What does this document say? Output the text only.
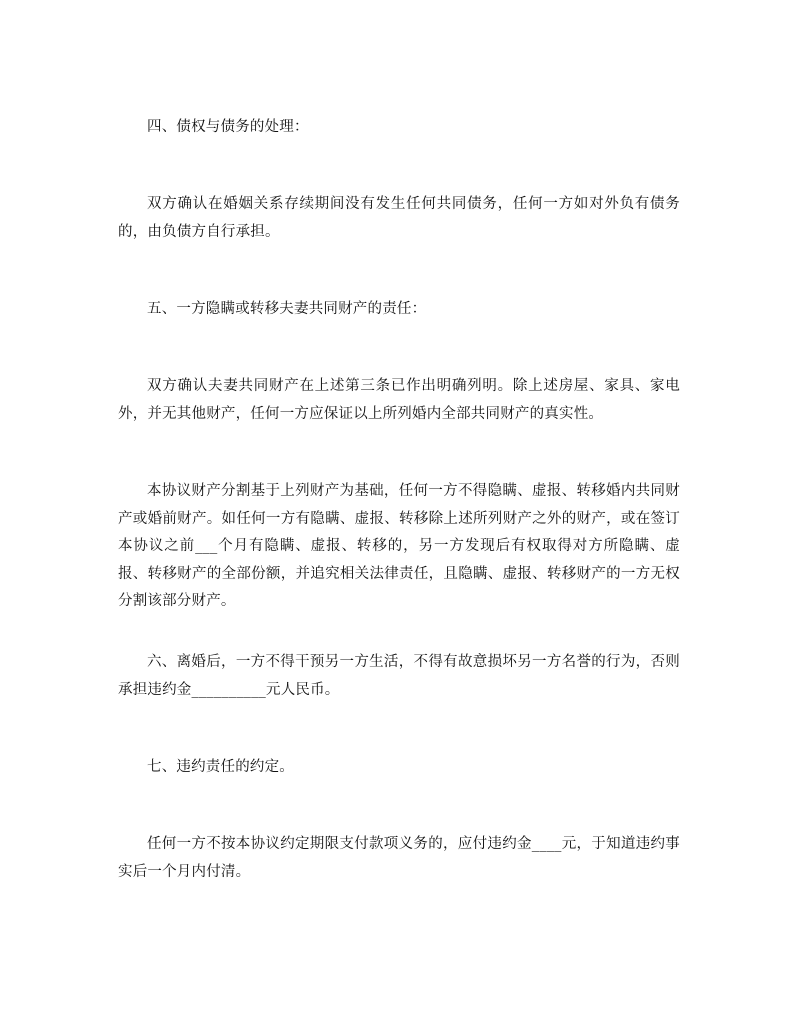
四、债权与债务的处理：

双方确认在婚姻关系存续期间没有发生任何共同债务，任何一方如对外负有债务的，由负债方自行承担。

五、一方隐瞒或转移夫妻共同财产的责任：

双方确认夫妻共同财产在上述第三条已作出明确列明。除上述房屋、家具、家电外，并无其他财产，任何一方应保证以上所列婚内全部共同财产的真实性。

本协议财产分割基于上列财产为基础，任何一方不得隐瞒、虚报、转移婚内共同财产或婚前财产。如任何一方有隐瞒、虚报、转移除上述所列财产之外的财产，或在签订本协议之前___个月有隐瞒、虚报、转移的，另一方发现后有权取得对方所隐瞒、虚报、转移财产的全部份额，并追究相关法律责任，且隐瞒、虚报、转移财产的一方无权分割该部分财产。

六、离婚后，一方不得干预另一方生活，不得有故意损坏另一方名誉的行为，否则承担违约金__________元人民币。

七、违约责任的约定。

任何一方不按本协议约定期限支付款项义务的，应付违约金____元，于知道违约事实后一个月内付清。
